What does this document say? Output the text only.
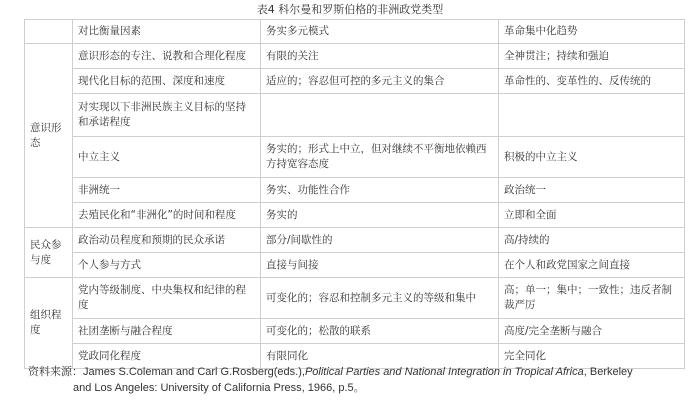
表4 科尔曼和罗斯伯格的非洲政党类型
	对比衡量因素	务实多元模式	革命集中化趋势
意识形态	意识形态的专注、说教和合理化程度	有限的关注	全神贯注；持续和强迫
	现代化目标的范围、深度和速度	适应的；容忍但可控的多元主义的集合	革命性的、变革性的、反传统的
	对实现以下非洲民族主义目标的坚持和承诺程度		
	中立主义	务实的；形式上中立，但对继续不平衡地依赖西方持宽容态度	积极的中立主义
	非洲统一	务实、功能性合作	政治统一
	去殖民化和“非洲化”的时间和程度	务实的	立即和全面
民众参与度	政治动员程度和预期的民众承诺	部分/间歇性的	高/持续的
	个人参与方式	直接与间接	在个人和政党国家之间直接
组织程度	党内等级制度、中央集权和纪律的程度	可变化的；容忍和控制多元主义的等级和集中	高；单一；集中；一致性；违反者制裁严厉
	社团垄断与融合程度	可变化的；松散的联系	高度/完全垄断与融合
	党政同化程度	有限同化	完全同化
资料来源：James S.Coleman and Carl G.Rosberg(eds.),Political Parties and National Integration in Tropical Africa, Berkeley
and Los Angeles: University of California Press, 1966, p.5。
